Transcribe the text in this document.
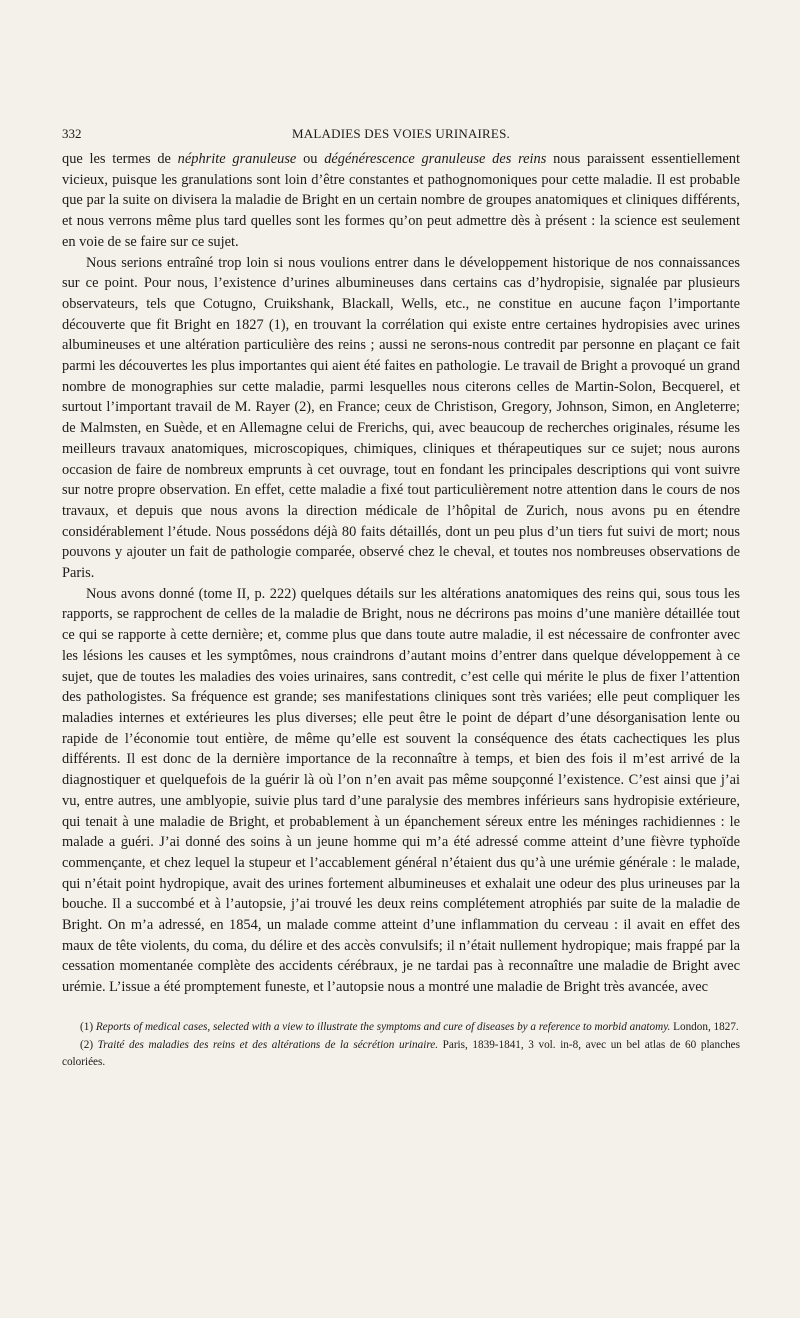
332	MALADIES DES VOIES URINAIRES.

que les termes de néphrite granuleuse ou dégénérescence granuleuse des reins nous paraissent essentiellement vicieux, puisque les granulations sont loin d’être constantes et pathognomoniques pour cette maladie. Il est probable que par la suite on divisera la maladie de Bright en un certain nombre de groupes anatomiques et cliniques différents, et nous verrons même plus tard quelles sont les formes qu’on peut admettre dès à présent : la science est seulement en voie de se faire sur ce sujet.

Nous serions entraîné trop loin si nous voulions entrer dans le développement historique de nos connaissances sur ce point. Pour nous, l’existence d’urines albumineuses dans certains cas d’hydropisie, signalée par plusieurs observateurs, tels que Cotugno, Cruikshank, Blackall, Wells, etc., ne constitue en aucune façon l’importante découverte que fit Bright en 1827 (1), en trouvant la corrélation qui existe entre certaines hydropisies avec urines albumineuses et une altération particulière des reins ; aussi ne serons-nous contredit par personne en plaçant ce fait parmi les découvertes les plus importantes qui aient été faites en pathologie. Le travail de Bright a provoqué un grand nombre de monographies sur cette maladie, parmi lesquelles nous citerons celles de Martin-Solon, Becquerel, et surtout l’important travail de M. Rayer (2), en France; ceux de Christison, Gregory, Johnson, Simon, en Angleterre; de Malmsten, en Suède, et en Allemagne celui de Frerichs, qui, avec beaucoup de recherches originales, résume les meilleurs travaux anatomiques, microscopiques, chimiques, cliniques et thérapeutiques sur ce sujet; nous aurons occasion de faire de nombreux emprunts à cet ouvrage, tout en fondant les principales descriptions qui vont suivre sur notre propre observation. En effet, cette maladie a fixé tout particulièrement notre attention dans le cours de nos travaux, et depuis que nous avons la direction médicale de l’hôpital de Zurich, nous avons pu en étendre considérablement l’étude. Nous possédons déjà 80 faits détaillés, dont un peu plus d’un tiers fut suivi de mort; nous pouvons y ajouter un fait de pathologie comparée, observé chez le cheval, et toutes nos nombreuses observations de Paris.

Nous avons donné (tome II, p. 222) quelques détails sur les altérations anatomiques des reins qui, sous tous les rapports, se rapprochent de celles de la maladie de Bright, nous ne décrirons pas moins d’une manière détaillée tout ce qui se rapporte à cette dernière; et, comme plus que dans toute autre maladie, il est nécessaire de confronter avec les lésions les causes et les symptômes, nous craindrons d’autant moins d’entrer dans quelque développement à ce sujet, que de toutes les maladies des voies urinaires, sans contredit, c’est celle qui mérite le plus de fixer l’attention des pathologistes. Sa fréquence est grande; ses manifestations cliniques sont très variées; elle peut compliquer les maladies internes et extérieures les plus diverses; elle peut être le point de départ d’une désorganisation lente ou rapide de l’économie tout entière, de même qu’elle est souvent la conséquence des états cachectiques les plus différents. Il est donc de la dernière importance de la reconnaître à temps, et bien des fois il m’est arrivé de la diagnostiquer et quelquefois de la guérir là où l’on n’en avait pas même soupçonné l’existence. C’est ainsi que j’ai vu, entre autres, une amblyopie, suivie plus tard d’une paralysie des membres inférieurs sans hydropisie extérieure, qui tenait à une maladie de Bright, et probablement à un épanchement séreux entre les méninges rachidiennes : le malade a guéri. J’ai donné des soins à un jeune homme qui m’a été adressé comme atteint d’une fièvre typhoïde commençante, et chez lequel la stupeur et l’accablement général n’étaient dus qu’à une urémie générale : le malade, qui n’était point hydropique, avait des urines fortement albumineuses et exhalait une odeur des plus urineuses par la bouche. Il a succombé et à l’autopsie, j’ai trouvé les deux reins complétement atrophiés par suite de la maladie de Bright. On m’a adressé, en 1854, un malade comme atteint d’une inflammation du cerveau : il avait en effet des maux de tête violents, du coma, du délire et des accès convulsifs; il n’était nullement hydropique; mais frappé par la cessation momentanée complète des accidents cérébraux, je ne tardai pas à reconnaître une maladie de Bright avec urémie. L’issue a été promptement funeste, et l’autopsie nous a montré une maladie de Bright très avancée, avec

(1) Reports of medical cases, selected with a view to illustrate the symptoms and cure of diseases by a reference to morbid anatomy. London, 1827.

(2) Traité des maladies des reins et des altérations de la sécrétion urinaire. Paris, 1839-1841, 3 vol. in-8, avec un bel atlas de 60 planches coloriées.
